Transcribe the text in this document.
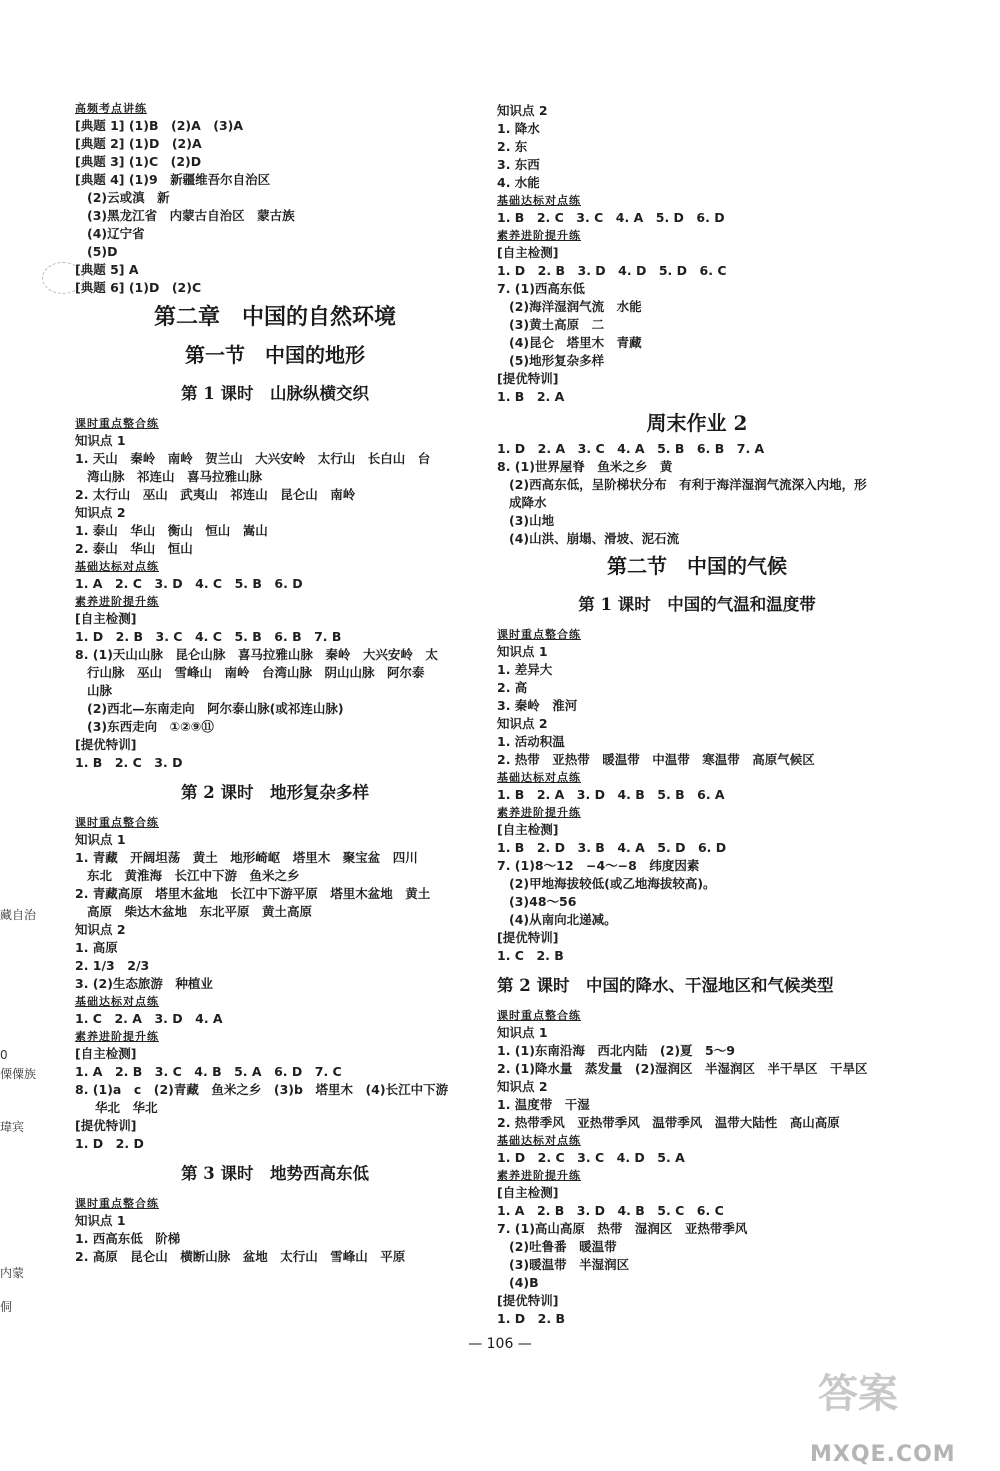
藏自治
0
傈僳族
瑋宾
内蒙
侗
高频考点讲练
[典题 1] (1)B　(2)A　(3)A
[典题 2] (1)D　(2)A
[典题 3] (1)C　(2)D
[典题 4] (1)9　新疆维吾尔自治区
(2)云或滇　新
(3)黑龙江省　内蒙古自治区　蒙古族
(4)辽宁省
(5)D
[典题 5] A
[典题 6] (1)D　(2)C
第二章　中国的自然环境
第一节　中国的地形
第 1 课时　山脉纵横交织
课时重点整合练
知识点 1
1. 天山　秦岭　南岭　贺兰山　大兴安岭　太行山　长白山　台
湾山脉　祁连山　喜马拉雅山脉
2. 太行山　巫山　武夷山　祁连山　昆仑山　南岭
知识点 2
1. 泰山　华山　衡山　恒山　嵩山
2. 泰山　华山　恒山
基础达标对点练
1. A　2. C　3. D　4. C　5. B　6. D
素养进阶提升练
[自主检测]
1. D　2. B　3. C　4. C　5. B　6. B　7. B
8. (1)天山山脉　昆仑山脉　喜马拉雅山脉　秦岭　大兴安岭　太
行山脉　巫山　雪峰山　南岭　台湾山脉　阴山山脉　阿尔泰
山脉
(2)西北—东南走向　阿尔泰山脉(或祁连山脉)
(3)东西走向　①②⑨⑪
[提优特训]
1. B　2. C　3. D
第 2 课时　地形复杂多样
课时重点整合练
知识点 1
1. 青藏　开阔坦荡　黄土　地形崎岖　塔里木　聚宝盆　四川
东北　黄淮海　长江中下游　鱼米之乡
2. 青藏高原　塔里木盆地　长江中下游平原　塔里木盆地　黄土
高原　柴达木盆地　东北平原　黄土高原
知识点 2
1. 高原
2. 1/3　2/3
3. (2)生态旅游　种植业
基础达标对点练
1. C　2. A　3. D　4. A
素养进阶提升练
[自主检测]
1. A　2. B　3. C　4. B　5. A　6. D　7. C
8. (1)a　c　(2)青藏　鱼米之乡　(3)b　塔里木　(4)长江中下游
华北　华北
[提优特训]
1. D　2. D
第 3 课时　地势西高东低
课时重点整合练
知识点 1
1. 西高东低　阶梯
2. 高原　昆仑山　横断山脉　盆地　太行山　雪峰山　平原
知识点 2
1. 降水
2. 东
3. 东西
4. 水能
基础达标对点练
1. B　2. C　3. C　4. A　5. D　6. D
素养进阶提升练
[自主检测]
1. D　2. B　3. D　4. D　5. D　6. C
7. (1)西高东低
(2)海洋湿润气流　水能
(3)黄土高原　二
(4)昆仑　塔里木　青藏
(5)地形复杂多样
[提优特训]
1. B　2. A
周末作业 2
1. D　2. A　3. C　4. A　5. B　6. B　7. A
8. (1)世界屋脊　鱼米之乡　黄
(2)西高东低，呈阶梯状分布　有利于海洋湿润气流深入内地，形
成降水
(3)山地
(4)山洪、崩塌、滑坡、泥石流
第二节　中国的气候
第 1 课时　中国的气温和温度带
课时重点整合练
知识点 1
1. 差异大
2. 高
3. 秦岭　淮河
知识点 2
1. 活动积温
2. 热带　亚热带　暖温带　中温带　寒温带　高原气候区
基础达标对点练
1. B　2. A　3. D　4. B　5. B　6. A
素养进阶提升练
[自主检测]
1. B　2. D　3. B　4. A　5. D　6. D
7. (1)8～12　−4～−8　纬度因素
(2)甲地海拔较低(或乙地海拔较高)。
(3)48～56
(4)从南向北递减。
[提优特训]
1. C　2. B
第 2 课时　中国的降水、干湿地区和气候类型
课时重点整合练
知识点 1
1. (1)东南沿海　西北内陆　(2)夏　5～9
2. (1)降水量　蒸发量　(2)湿润区　半湿润区　半干旱区　干旱区
知识点 2
1. 温度带　干湿
2. 热带季风　亚热带季风　温带季风　温带大陆性　高山高原
基础达标对点练
1. D　2. C　3. C　4. D　5. A
素养进阶提升练
[自主检测]
1. A　2. B　3. D　4. B　5. C　6. C
7. (1)高山高原　热带　湿润区　亚热带季风
(2)吐鲁番　暖温带
(3)暖温带　半湿润区
(4)B
[提优特训]
1. D　2. B
— 106 —
答案
MXQE.COM
